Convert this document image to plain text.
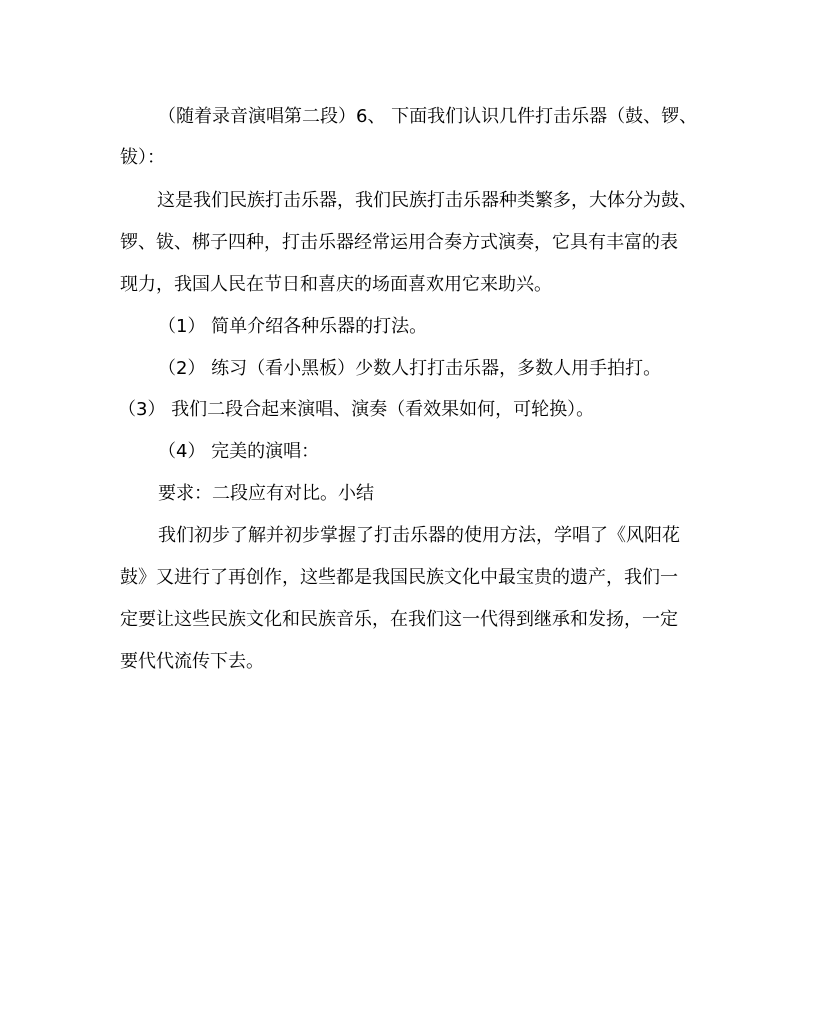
（随着录音演唱第二段）6、 下面我们认识几件打击乐器（鼓、锣、
钹）：
这是我们民族打击乐器，我们民族打击乐器种类繁多，大体分为鼓、
锣、钹、梆子四种，打击乐器经常运用合奏方式演奏，它具有丰富的表
现力，我国人民在节日和喜庆的场面喜欢用它来助兴。
（1） 简单介绍各种乐器的打法。
（2） 练习（看小黑板）少数人打打击乐器，多数人用手拍打。
（3） 我们二段合起来演唱、演奏（看效果如何，可轮换）。
（4） 完美的演唱：
要求：二段应有对比。小结
我们初步了解并初步掌握了打击乐器的使用方法，学唱了《风阳花
鼓》又进行了再创作，这些都是我国民族文化中最宝贵的遗产，我们一
定要让这些民族文化和民族音乐，在我们这一代得到继承和发扬，一定
要代代流传下去。
